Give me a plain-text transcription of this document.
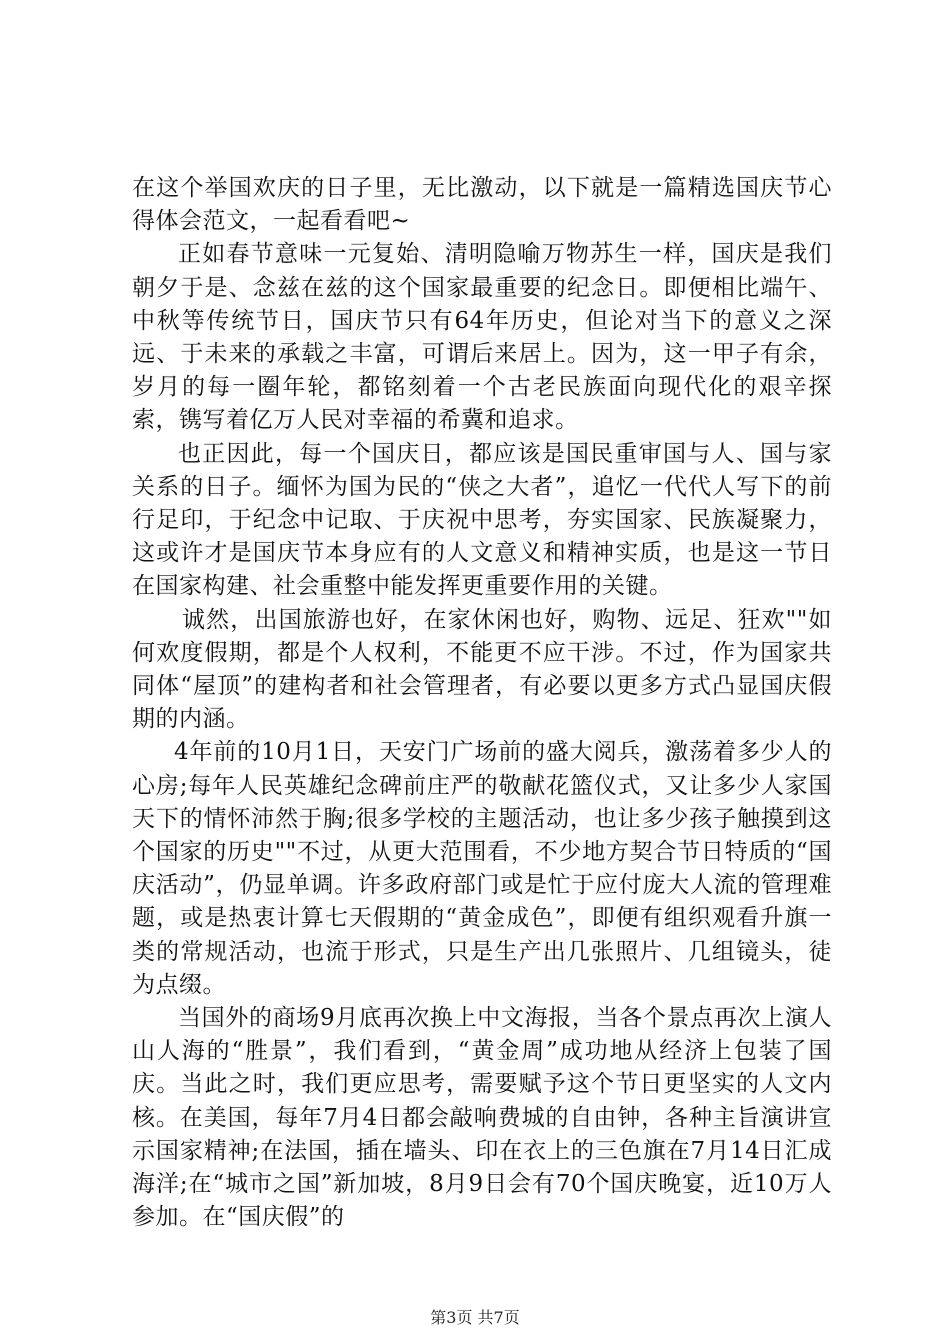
在这个举国欢庆的日子里，无比激动，以下就是一篇精选国庆节心得体会范文，一起看看吧~

正如春节意味一元复始、清明隐喻万物苏生一样，国庆是我们朝夕于是、念兹在兹的这个国家最重要的纪念日。即便相比端午、中秋等传统节日，国庆节只有64年历史，但论对当下的意义之深远、于未来的承载之丰富，可谓后来居上。因为，这一甲子有余，岁月的每一圈年轮，都铭刻着一个古老民族面向现代化的艰辛探索，镌写着亿万人民对幸福的希冀和追求。

也正因此，每一个国庆日，都应该是国民重审国与人、国与家关系的日子。缅怀为国为民的“侠之大者”，追忆一代代人写下的前行足印，于纪念中记取、于庆祝中思考，夯实国家、民族凝聚力，这或许才是国庆节本身应有的人文意义和精神实质，也是这一节日在国家构建、社会重整中能发挥更重要作用的关键。

诚然，出国旅游也好，在家休闲也好，购物、远足、狂欢""如何欢度假期，都是个人权利，不能更不应干涉。不过，作为国家共同体“屋顶”的建构者和社会管理者，有必要以更多方式凸显国庆假期的内涵。

4年前的10月1日，天安门广场前的盛大阅兵，激荡着多少人的心房;每年人民英雄纪念碑前庄严的敬献花篮仪式，又让多少人家国天下的情怀沛然于胸;很多学校的主题活动，也让多少孩子触摸到这个国家的历史""不过，从更大范围看，不少地方契合节日特质的“国庆活动”，仍显单调。许多政府部门或是忙于应付庞大人流的管理难题，或是热衷计算七天假期的“黄金成色”，即便有组织观看升旗一类的常规活动，也流于形式，只是生产出几张照片、几组镜头，徒为点缀。

当国外的商场9月底再次换上中文海报，当各个景点再次上演人山人海的“胜景”，我们看到，“黄金周”成功地从经济上包装了国庆。当此之时，我们更应思考，需要赋予这个节日更坚实的人文内核。在美国，每年7月4日都会敲响费城的自由钟，各种主旨演讲宣示国家精神;在法国，插在墙头、印在衣上的三色旗在7月14日汇成海洋;在“城市之国”新加坡，8月9日会有70个国庆晚宴，近10万人参加。在“国庆假”的

第3页 共7页
